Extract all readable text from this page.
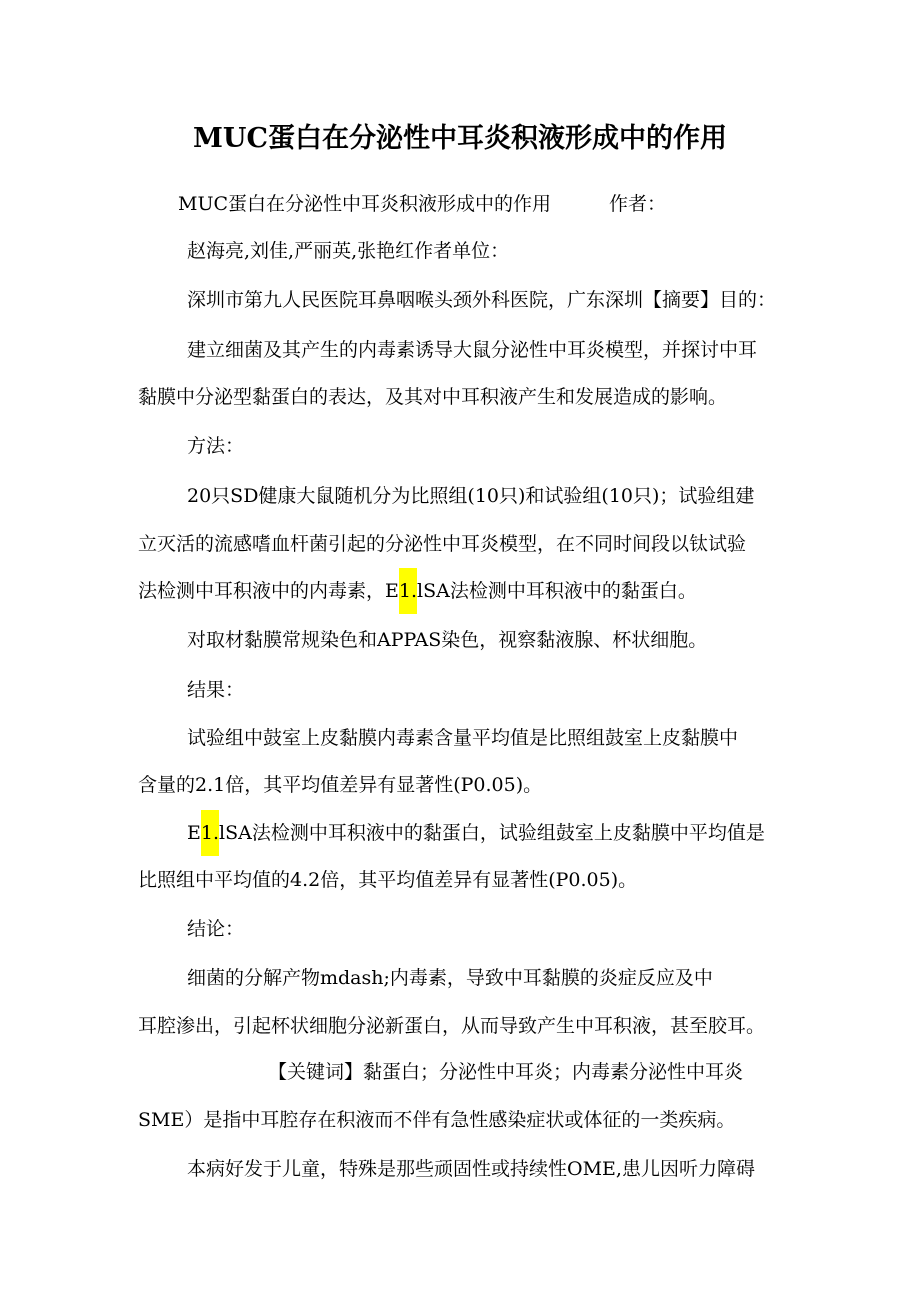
MUC蛋白在分泌性中耳炎积液形成中的作用
MUC蛋白在分泌性中耳炎积液形成中的作用	作者：
赵海亮,刘佳,严丽英,张艳红作者单位：
深圳市第九人民医院耳鼻咽喉头颈外科医院，广东深圳【摘要】目的：
建立细菌及其产生的内毒素诱导大鼠分泌性中耳炎模型，并探讨中耳
黏膜中分泌型黏蛋白的表达，及其对中耳积液产生和发展造成的影响。
方法：
20只SD健康大鼠随机分为比照组(10只)和试验组(10只)；试验组建
立灭活的流感嗜血杆菌引起的分泌性中耳炎模型，在不同时间段以钛试验
法检测中耳积液中的内毒素，E1.lSA法检测中耳积液中的黏蛋白。
对取材黏膜常规染色和APPAS染色，视察黏液腺、杯状细胞。
结果：
试验组中鼓室上皮黏膜内毒素含量平均值是比照组鼓室上皮黏膜中
含量的2.1倍，其平均值差异有显著性(P0.05)。
E1.lSA法检测中耳积液中的黏蛋白，试验组鼓室上皮黏膜中平均值是
比照组中平均值的4.2倍，其平均值差异有显著性(P0.05)。
结论：
细菌的分解产物mdash;内毒素，导致中耳黏膜的炎症反应及中
耳腔渗出，引起杯状细胞分泌新蛋白，从而导致产生中耳积液，甚至胶耳。
【关键词】黏蛋白；分泌性中耳炎；内毒素分泌性中耳炎
SME）是指中耳腔存在积液而不伴有急性感染症状或体征的一类疾病。
本病好发于儿童，特殊是那些顽固性或持续性OME,患儿因听力障碍
